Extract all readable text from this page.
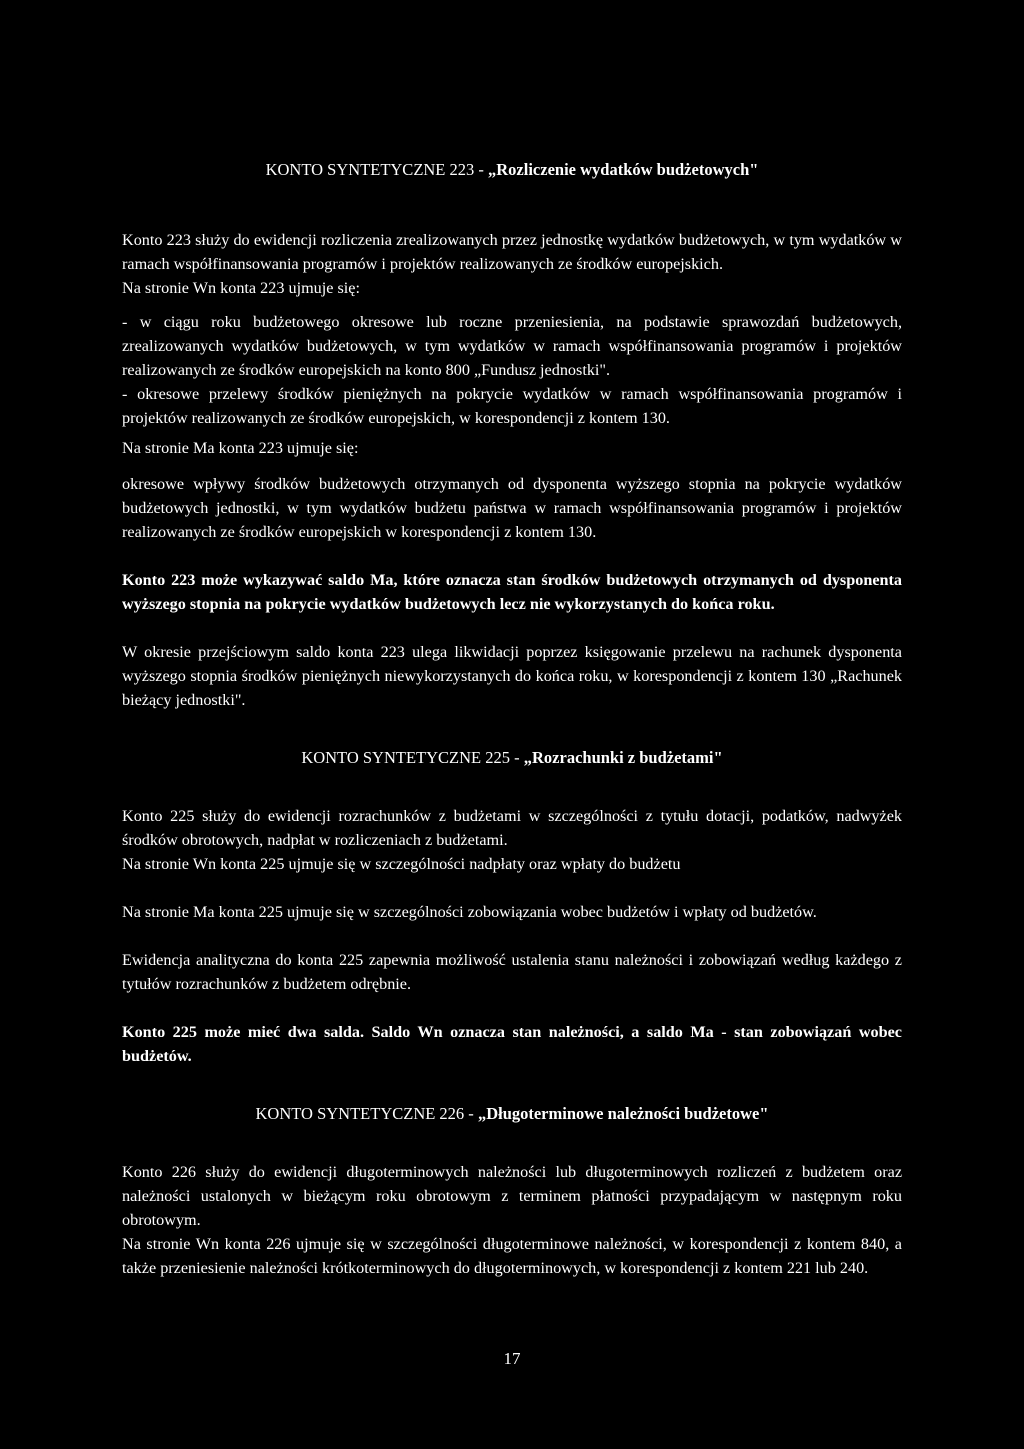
KONTO SYNTETYCZNE 223 - „Rozliczenie wydatków budżetowych"

Konto 223 służy do ewidencji rozliczenia zrealizowanych przez jednostkę wydatków budżetowych, w tym wydatków w ramach współfinansowania programów i projektów realizowanych ze środków europejskich.

Na stronie Wn konta 223 ujmuje się:

- w ciągu roku budżetowego okresowe lub roczne przeniesienia, na podstawie sprawozdań budżetowych, zrealizowanych wydatków budżetowych, w tym wydatków w ramach współfinansowania programów i projektów realizowanych ze środków europejskich na konto 800 „Fundusz jednostki".

- okresowe przelewy środków pieniężnych na pokrycie wydatków w ramach współfinansowania programów i projektów realizowanych ze środków europejskich, w korespondencji z kontem 130.

Na stronie Ma konta 223 ujmuje się:

okresowe wpływy środków budżetowych otrzymanych od dysponenta wyższego stopnia na pokrycie wydatków budżetowych jednostki, w tym wydatków budżetu państwa w ramach współfinansowania programów i projektów realizowanych ze środków europejskich w korespondencji z kontem 130.

Konto 223 może wykazywać saldo Ma, które oznacza stan środków budżetowych otrzymanych od dysponenta wyższego stopnia na pokrycie wydatków budżetowych lecz nie wykorzystanych do końca roku.

W okresie przejściowym saldo konta 223 ulega likwidacji poprzez księgowanie przelewu na rachunek dysponenta wyższego stopnia środków pieniężnych niewykorzystanych do końca roku, w korespondencji z kontem 130 „Rachunek bieżący jednostki".

KONTO SYNTETYCZNE 225 - „Rozrachunki z budżetami"

Konto 225 służy do ewidencji rozrachunków z budżetami w szczególności z tytułu dotacji, podatków, nadwyżek środków obrotowych, nadpłat w rozliczeniach z budżetami.

Na stronie Wn konta 225 ujmuje się w szczególności nadpłaty oraz wpłaty do budżetu

Na stronie Ma konta 225 ujmuje się w szczególności zobowiązania wobec budżetów i wpłaty od budżetów.

Ewidencja analityczna do konta 225 zapewnia możliwość ustalenia stanu należności i zobowiązań według każdego z tytułów rozrachunków z budżetem odrębnie.

Konto 225 może mieć dwa salda. Saldo Wn oznacza stan należności, a saldo Ma - stan zobowiązań wobec budżetów.

KONTO SYNTETYCZNE 226 - „Długoterminowe należności budżetowe"

Konto 226 służy do ewidencji długoterminowych należności lub długoterminowych rozliczeń z budżetem oraz należności ustalonych w bieżącym roku obrotowym z terminem płatności przypadającym w następnym roku obrotowym.

Na stronie Wn konta 226 ujmuje się w szczególności długoterminowe należności, w korespondencji z kontem 840, a także przeniesienie należności krótkoterminowych do długoterminowych, w korespondencji z kontem 221 lub 240.

17
